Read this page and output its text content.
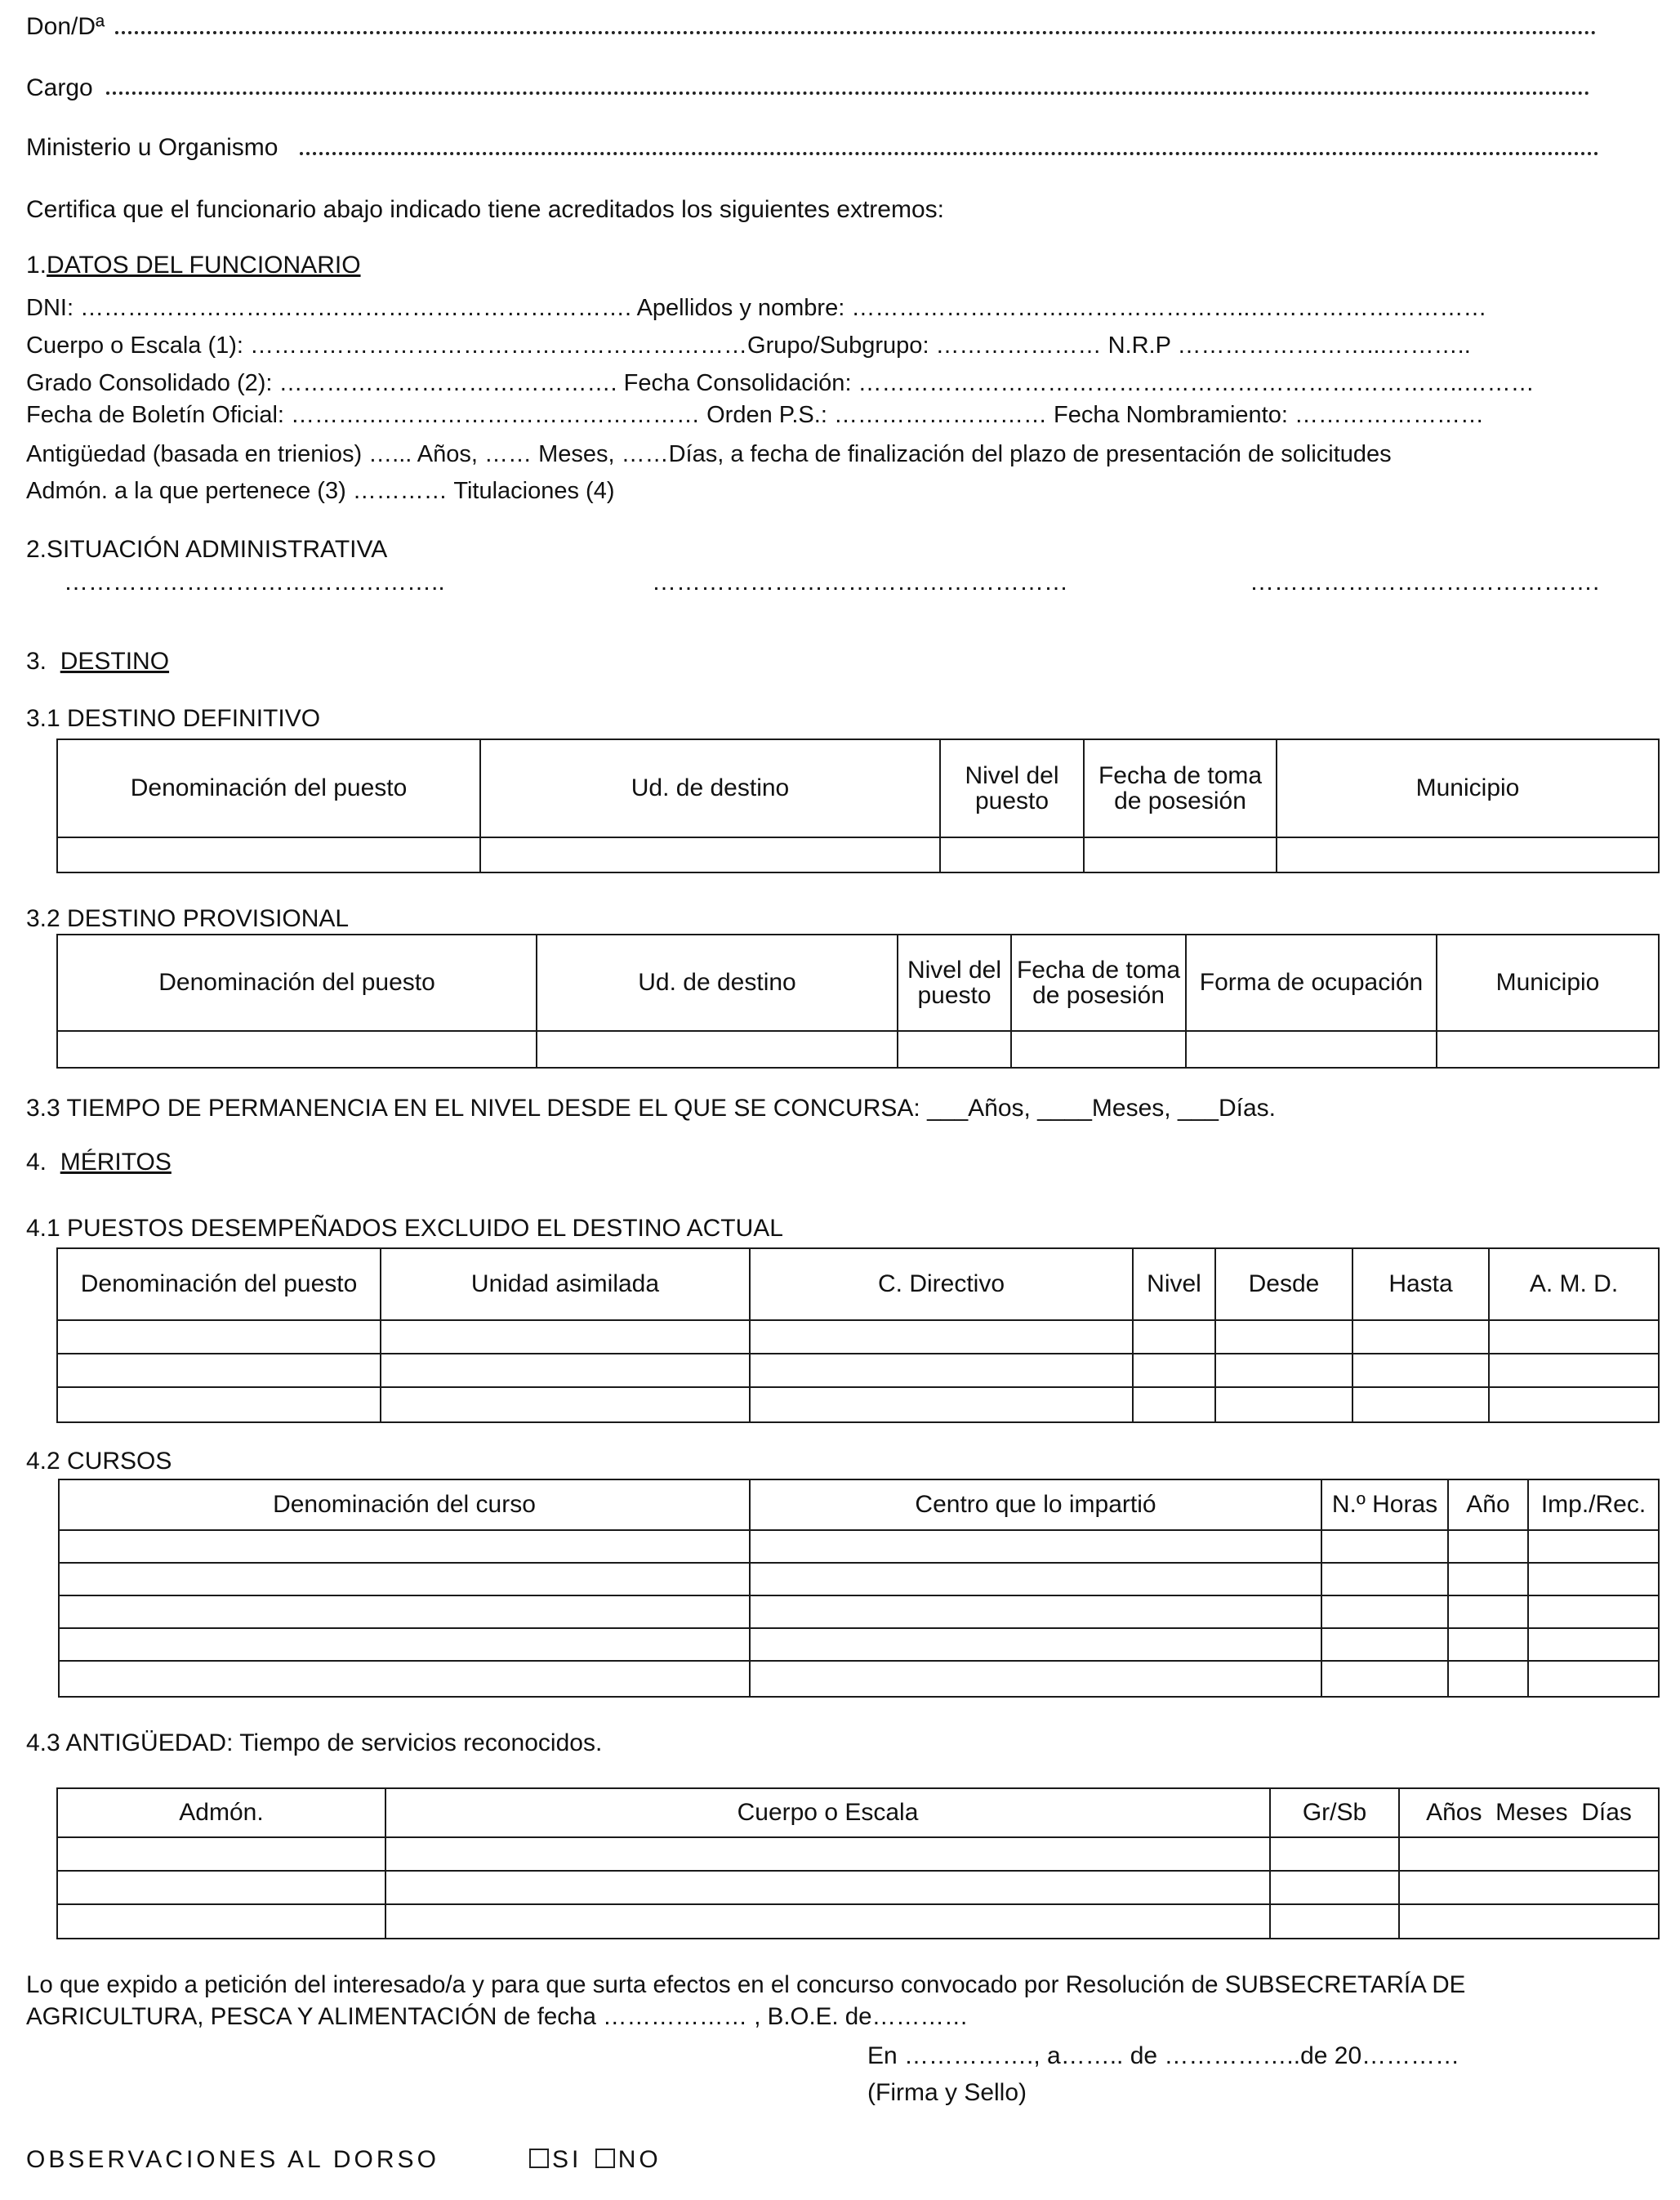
Don/Dª
Cargo
Ministerio u Organismo
Certifica que el funcionario abajo indicado tiene acreditados los siguientes extremos:
1.DATOS DEL FUNCIONARIO
DNI: ……………………………………………………………. Apellidos y nombre: ……………………….…………………..…………………………
Cuerpo o Escala (1): ………………………………………………………Grupo/Subgrupo: ………………… N.R.P ……………………...………..
Grado Consolidado (2): ……………………………………. Fecha Consolidación: …………………………………………………………………..………
Fecha de Boletín Oficial: ……….…………………………………… Orden P.S.: ……………………… Fecha Nombramiento: ……………………
Antigüedad (basada en trienios) …... Años, …… Meses, ……Días, a fecha de finalización del plazo de presentación de solicitudes
Admón. a la que pertenece (3) ………… Titulaciones (4)
2.SITUACIÓN ADMINISTRATIVA
………………………………………..	……………………………………………	…………………………………….
3. DESTINO
3.1 DESTINO DEFINITIVO
Denominación del puesto	Ud. de destino	Nivel del puesto	Fecha de toma de posesión	Municipio

3.2 DESTINO PROVISIONAL
Denominación del puesto	Ud. de destino	Nivel del puesto	Fecha de toma de posesión	Forma de ocupación	Municipio

3.3 TIEMPO DE PERMANENCIA EN EL NIVEL DESDE EL QUE SE CONCURSA: ___Años, ____Meses, ___Días.
4. MÉRITOS
4.1 PUESTOS DESEMPEÑADOS EXCLUIDO EL DESTINO ACTUAL
Denominación del puesto	Unidad asimilada	C. Directivo	Nivel	Desde	Hasta	A. M. D.

4.2 CURSOS
Denominación del curso	Centro que lo impartió	N.º Horas	Año	Imp./Rec.

4.3 ANTIGÜEDAD: Tiempo de servicios reconocidos.
Admón.	Cuerpo o Escala	Gr/Sb	Años  Meses  Días

Lo que expido a petición del interesado/a y para que surta efectos en el concurso convocado por Resolución de SUBSECRETARÍA DE
AGRICULTURA, PESCA Y ALIMENTACIÓN de fecha ……………… , B.O.E. de…………
En ……………., a…….. de ……………..de 20…………
(Firma y Sello)
OBSERVACIONES AL DORSO	SI NO
